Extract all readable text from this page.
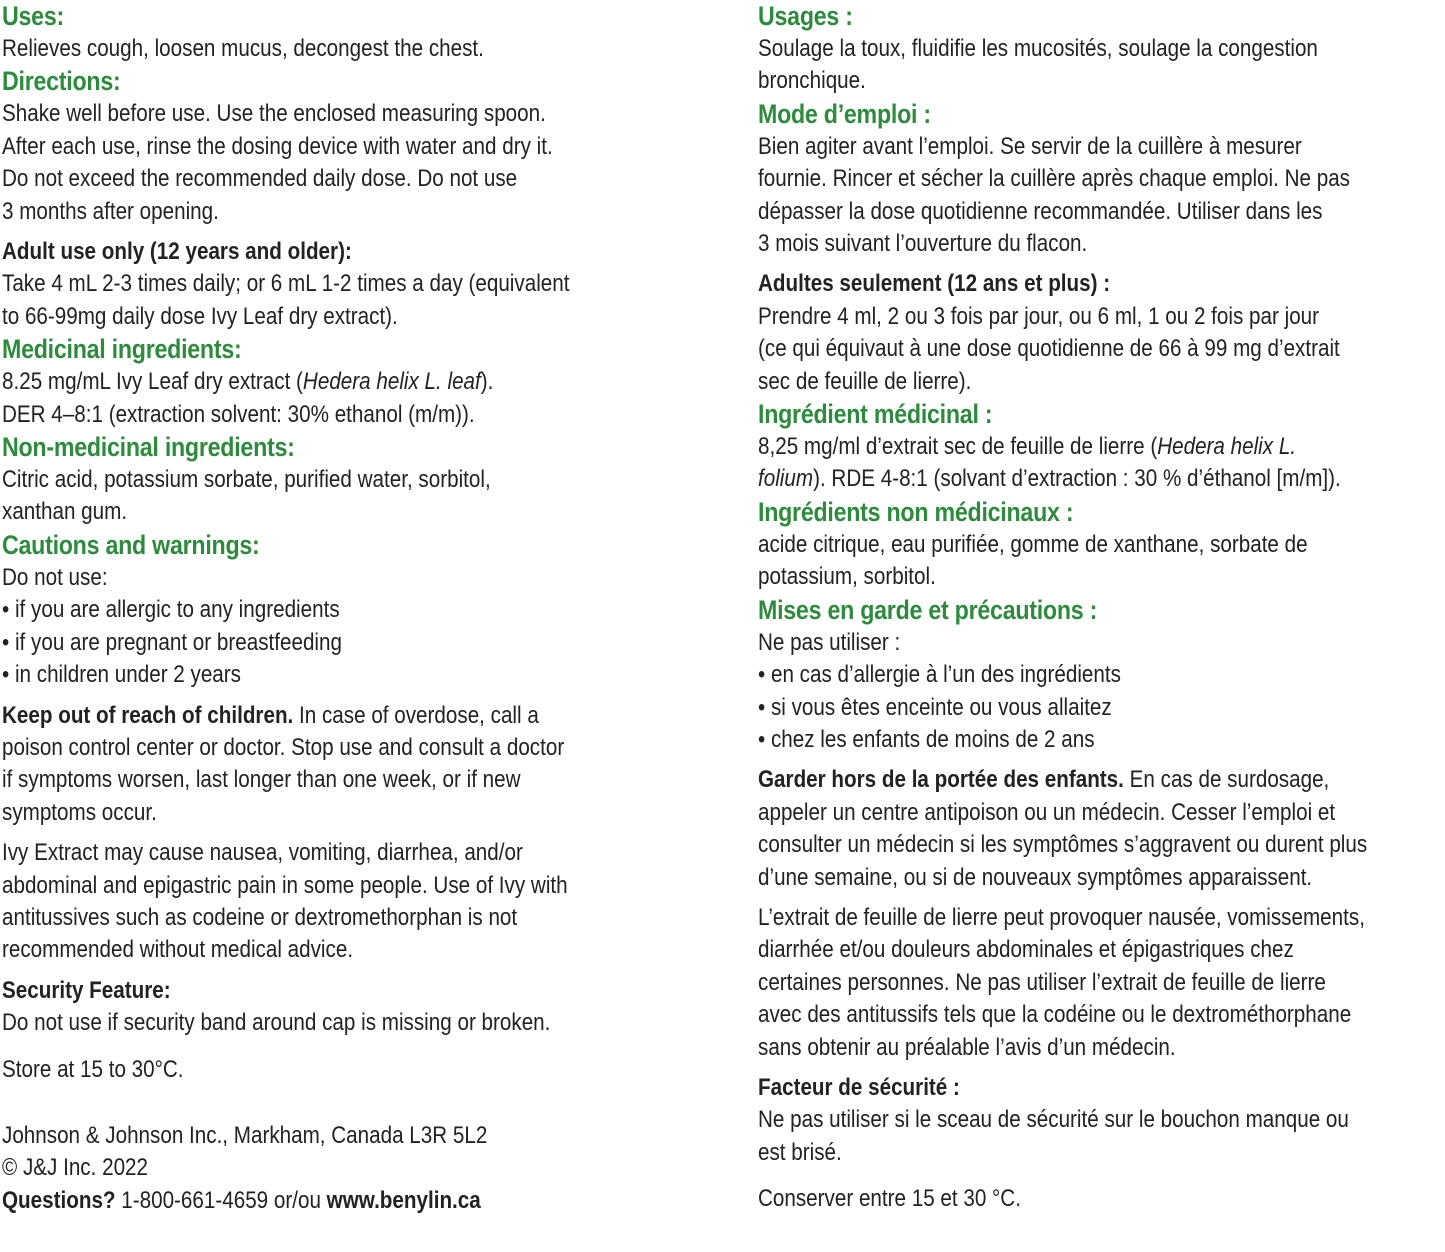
Uses:
Relieves cough, loosen mucus, decongest the chest.
Directions:
Shake well before use. Use the enclosed measuring spoon.
After each use, rinse the dosing device with water and dry it.
Do not exceed the recommended daily dose. Do not use
3 months after opening.
Adult use only (12 years and older):
Take 4 mL 2-3 times daily; or 6 mL 1-2 times a day (equivalent
to 66-99mg daily dose Ivy Leaf dry extract).
Medicinal ingredients:
8.25 mg/mL Ivy Leaf dry extract (Hedera helix L. leaf).
DER 4–8:1 (extraction solvent: 30% ethanol (m/m)).
Non-medicinal ingredients:
Citric acid, potassium sorbate, purified water, sorbitol,
xanthan gum.
Cautions and warnings:
Do not use:
• if you are allergic to any ingredients
• if you are pregnant or breastfeeding
• in children under 2 years
Keep out of reach of children. In case of overdose, call a
poison control center or doctor. Stop use and consult a doctor
if symptoms worsen, last longer than one week, or if new
symptoms occur.
Ivy Extract may cause nausea, vomiting, diarrhea, and/or
abdominal and epigastric pain in some people. Use of Ivy with
antitussives such as codeine or dextromethorphan is not
recommended without medical advice.
Security Feature:
Do not use if security band around cap is missing or broken.
Store at 15 to 30°C.
Johnson & Johnson Inc., Markham, Canada L3R 5L2
© J&J Inc. 2022
Questions? 1-800-661-4659 or/ou www.benylin.ca
Usages :
Soulage la toux, fluidifie les mucosités, soulage la congestion
bronchique.
Mode d’emploi :
Bien agiter avant l’emploi. Se servir de la cuillère à mesurer
fournie. Rincer et sécher la cuillère après chaque emploi. Ne pas
dépasser la dose quotidienne recommandée. Utiliser dans les
3 mois suivant l’ouverture du flacon.
Adultes seulement (12 ans et plus) :
Prendre 4 ml, 2 ou 3 fois par jour, ou 6 ml, 1 ou 2 fois par jour
(ce qui équivaut à une dose quotidienne de 66 à 99 mg d’extrait
sec de feuille de lierre).
Ingrédient médicinal :
8,25 mg/ml d’extrait sec de feuille de lierre (Hedera helix L.
folium). RDE 4-8:1 (solvant d’extraction : 30 % d’éthanol [m/m]).
Ingrédients non médicinaux :
acide citrique, eau purifiée, gomme de xanthane, sorbate de
potassium, sorbitol.
Mises en garde et précautions :
Ne pas utiliser :
• en cas d’allergie à l’un des ingrédients
• si vous êtes enceinte ou vous allaitez
• chez les enfants de moins de 2 ans
Garder hors de la portée des enfants. En cas de surdosage,
appeler un centre antipoison ou un médecin. Cesser l’emploi et
consulter un médecin si les symptômes s’aggravent ou durent plus
d’une semaine, ou si de nouveaux symptômes apparaissent.
L’extrait de feuille de lierre peut provoquer nausée, vomissements,
diarrhée et/ou douleurs abdominales et épigastriques chez
certaines personnes. Ne pas utiliser l’extrait de feuille de lierre
avec des antitussifs tels que la codéine ou le dextrométhorphane
sans obtenir au préalable l’avis d’un médecin.
Facteur de sécurité :
Ne pas utiliser si le sceau de sécurité sur le bouchon manque ou
est brisé.
Conserver entre 15 et 30 °C.
